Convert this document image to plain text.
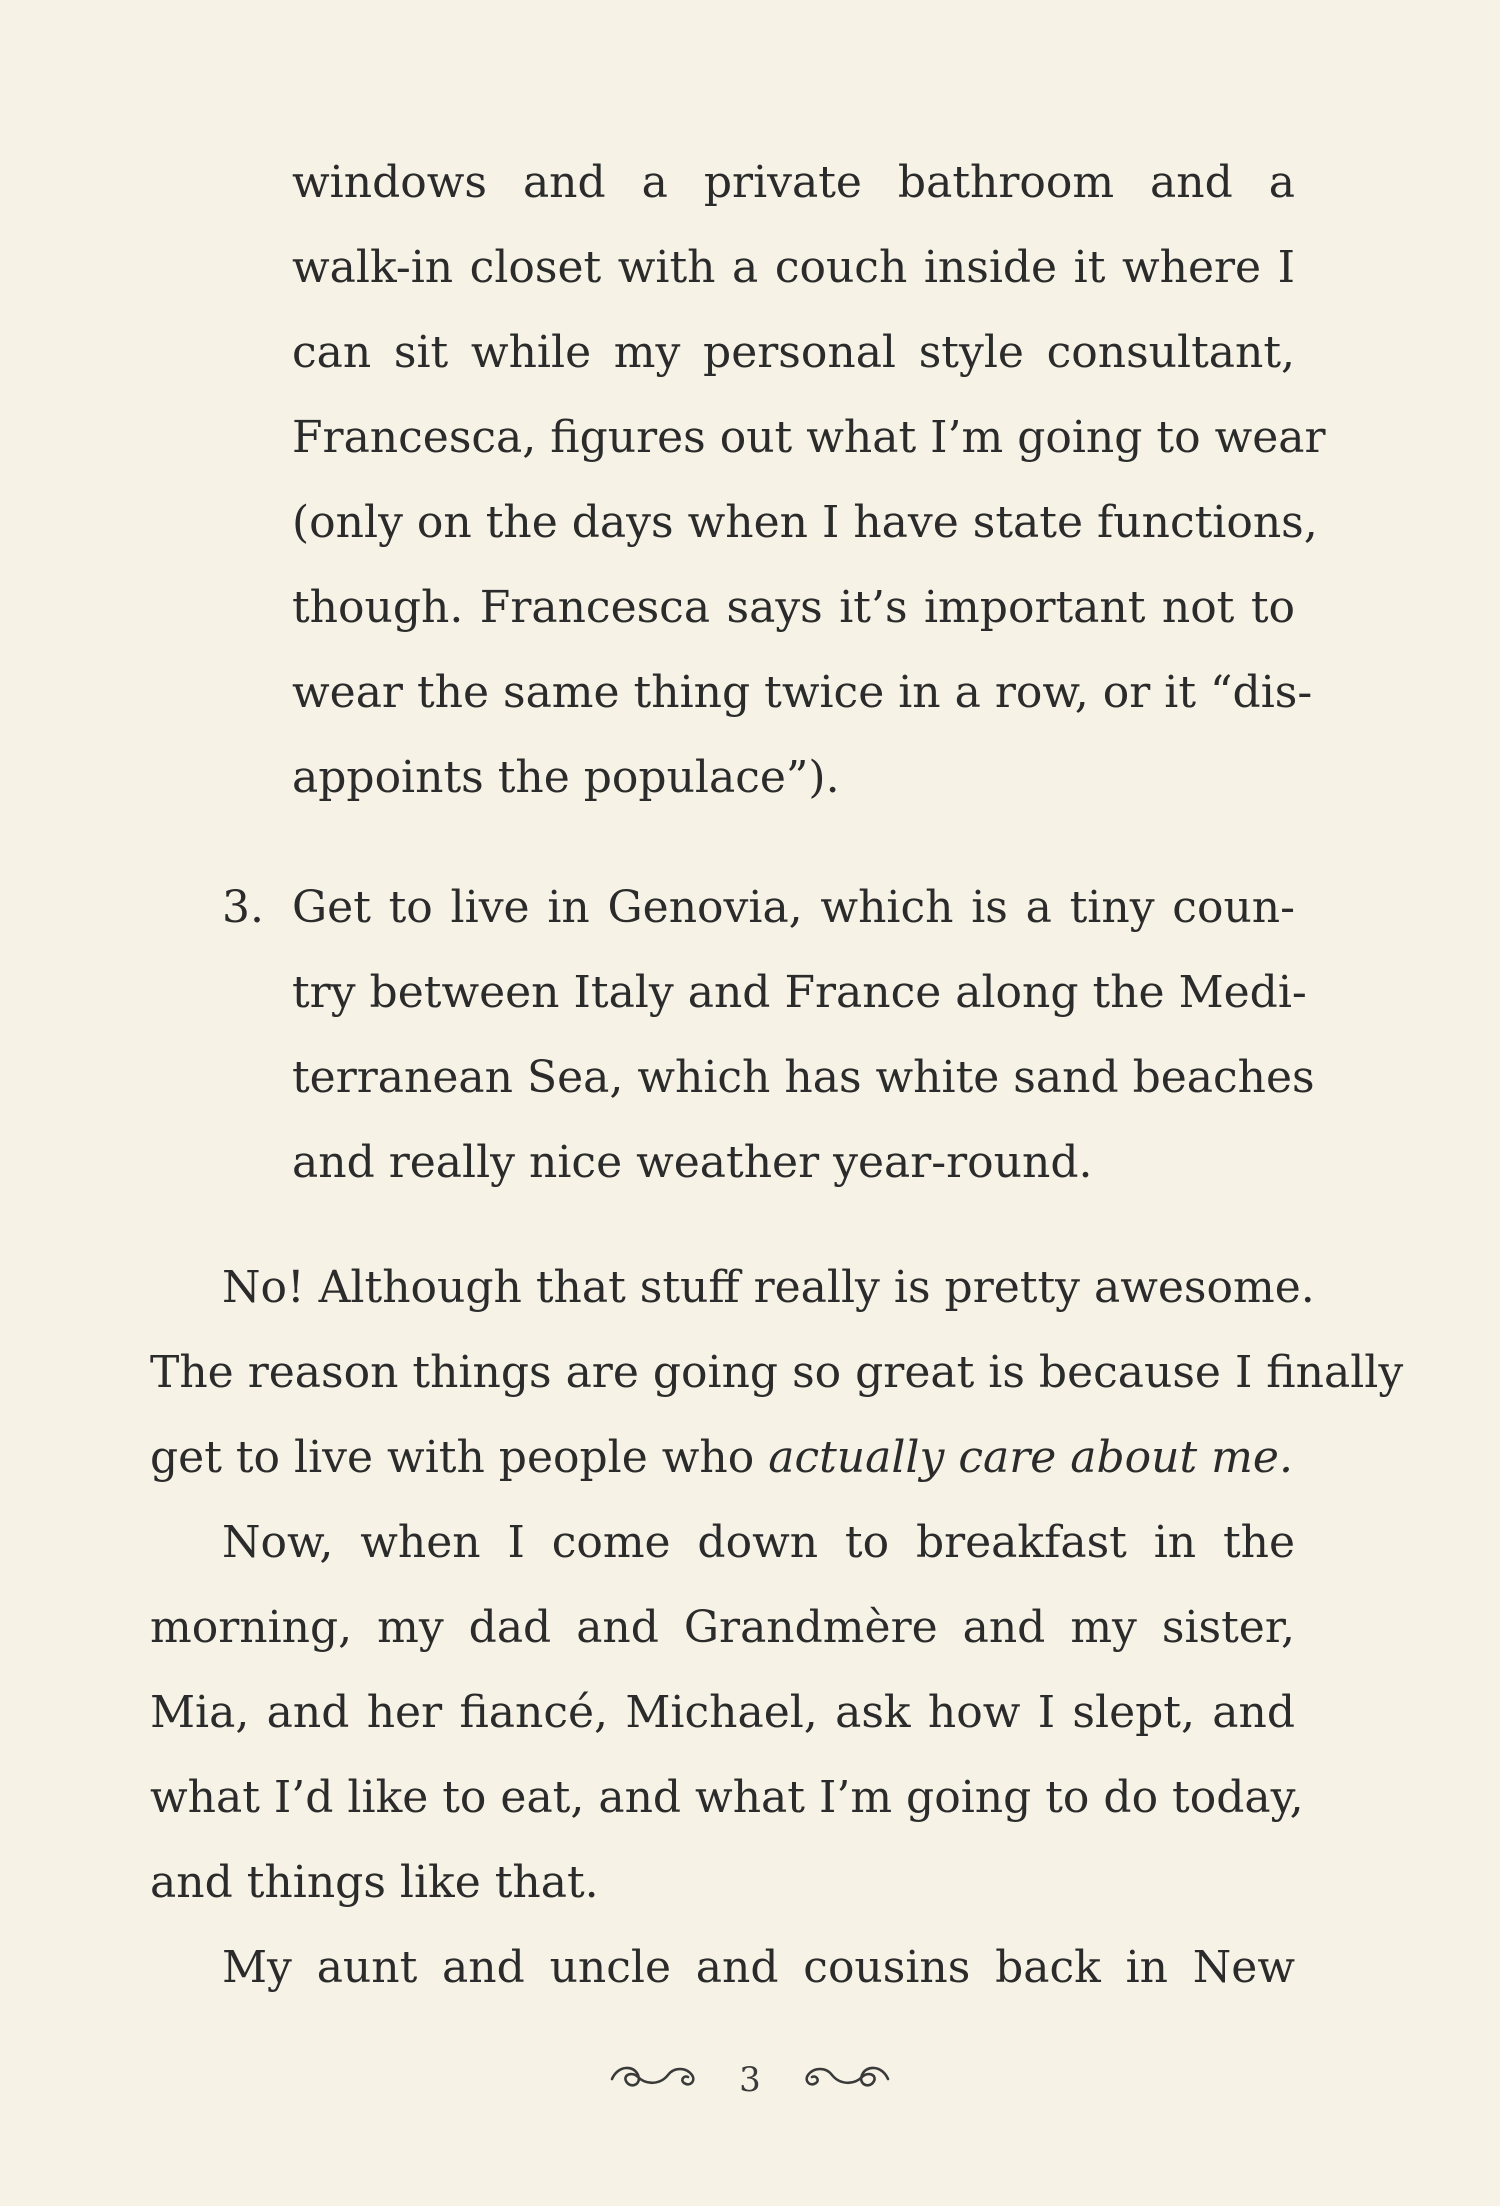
windows and a private bathroom and a
walk-in closet with a couch inside it where I
can sit while my personal style consultant,
Francesca, figures out what I’m going to wear
(only on the days when I have state functions,
though. Francesca says it’s important not to
wear the same thing twice in a row, or it “dis-
appoints the populace”).
3. Get to live in Genovia, which is a tiny coun-
try between Italy and France along the Medi-
terranean Sea, which has white sand beaches
and really nice weather year-round.
No! Although that stuff really is pretty awesome.
The reason things are going so great is because I finally
get to live with people who actually care about me.
Now, when I come down to breakfast in the
morning, my dad and Grandmère and my sister,
Mia, and her fiancé, Michael, ask how I slept, and
what I’d like to eat, and what I’m going to do today,
and things like that.
My aunt and uncle and cousins back in New
3
